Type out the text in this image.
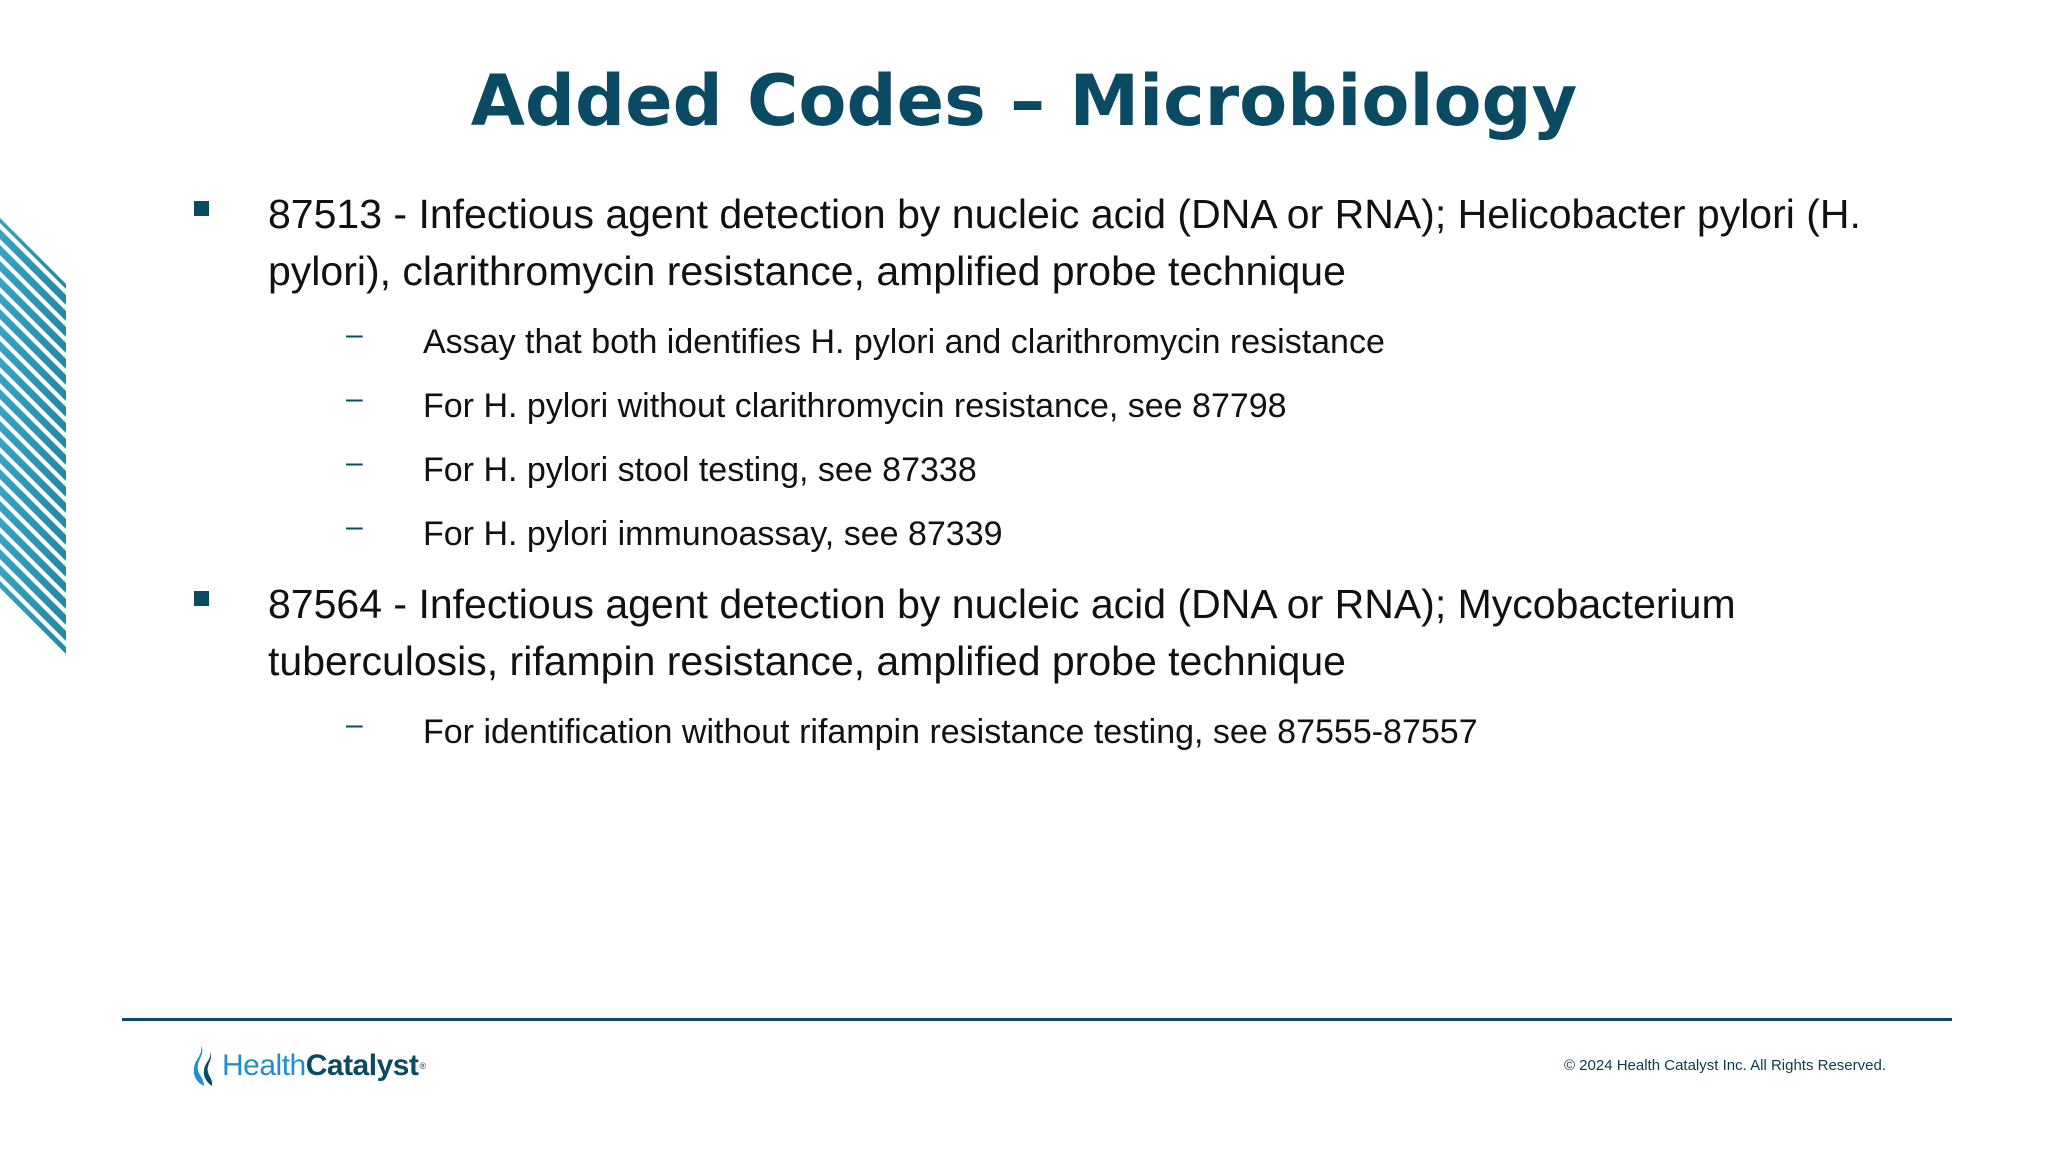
Added Codes – Microbiology
87513 - Infectious agent detection by nucleic acid (DNA or RNA); Helicobacter pylori (H. pylori), clarithromycin resistance, amplified probe technique
– Assay that both identifies H. pylori and clarithromycin resistance
– For H. pylori without clarithromycin resistance, see 87798
– For H. pylori stool testing, see 87338
– For H. pylori immunoassay, see 87339
87564 - Infectious agent detection by nucleic acid (DNA or RNA); Mycobacterium tuberculosis, rifampin resistance, amplified probe technique
– For identification without rifampin resistance testing, see 87555-87557
Health Catalyst ®	© 2024 Health Catalyst Inc. All Rights Reserved.
